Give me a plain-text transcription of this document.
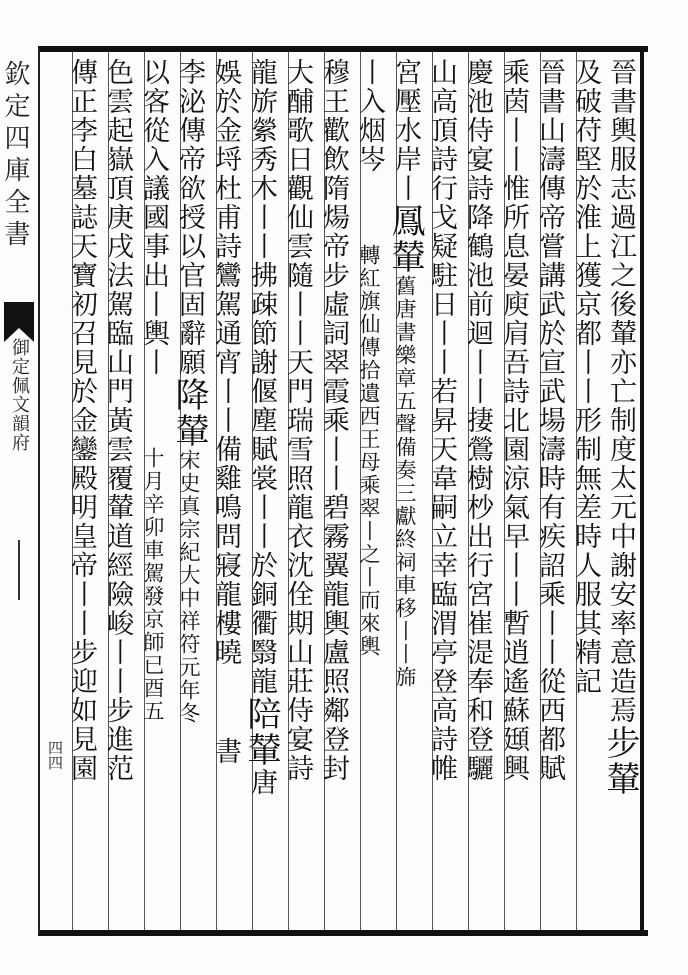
欽定四庫全書
御定佩文韻府
四四
晉書輿服志過江之後輦亦亡制度太元中謝安率意造焉步輦
及破苻堅於淮上獲京都丨丨形制無差時人服其精記
晉書山濤傳帝嘗講武於宣武場濤時有疾詔乘丨丨從西都賦
乘茵丨丨惟所息晏庾肩吾詩北園涼氣早丨丨暫逍遙蘇頲興
慶池侍宴詩降鶴池前迴丨丨捿鶯樹杪出行宮崔湜奉和登驪
山高頂詩行戈疑駐日丨丨若昇天韋嗣立幸臨渭亭登高詩帷
宮壓水岸丨鳳輦舊唐書樂章五聲備奏三獻終祠車移丨丨旆
丨入烟岑轉紅旗仙傳拾遺西王母乘翠丨之丨而來輿
穆王歡飲隋煬帝步虛詞翠霞乘丨丨碧霧翼龍輿盧照鄰登封
大酺歌日觀仙雲隨丨丨天門瑞雪照龍衣沈佺期山莊侍宴詩
龍旂縈秀木丨丨拂疎節謝偃塵賦裳丨丨於銅衢翳龍陪輦唐
娛於金埒杜甫詩鸞駕通宵丨丨備雞鳴問寢龍樓曉書
李泌傳帝欲授以官固辭願降輦宋史真宗紀大中祥符元年冬
以客從入議國事出丨輿丨十月辛卯車駕發京師已酉五
色雲起嶽頂庚戌法駕臨山門黃雲覆輦道經險峻丨丨步進范
傳正李白墓誌天寶初召見於金鑾殿明皇帝丨丨步迎如見園
